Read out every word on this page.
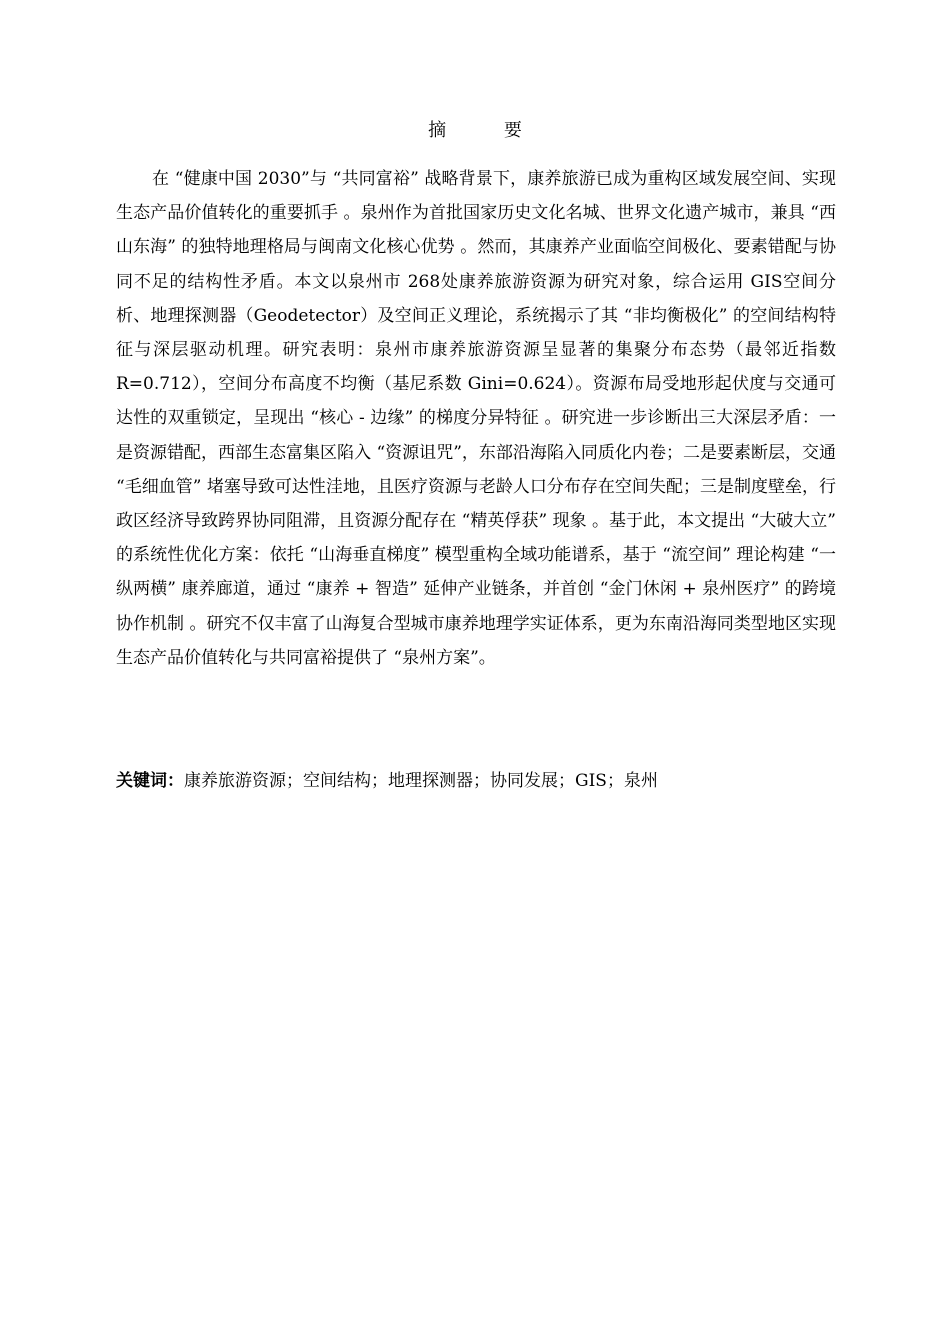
摘 要

在 “健康中国 2030”与 “共同富裕” 战略背景下，康养旅游已成为重构区域发展空间、实现生态产品价值转化的重要抓手 。泉州作为首批国家历史文化名城、世界文化遗产城市，兼具 “西山东海” 的独特地理格局与闽南文化核心优势 。然而，其康养产业面临空间极化、要素错配与协同不足的结构性矛盾。本文以泉州市 268处康养旅游资源为研究对象，综合运用 GIS空间分析、地理探测器（Geodetector）及空间正义理论，系统揭示了其 “非均衡极化” 的空间结构特征与深层驱动机理。研究表明：泉州市康养旅游资源呈显著的集聚分布态势（最邻近指数 R=0.712），空间分布高度不均衡（基尼系数 Gini=0.624）。资源布局受地形起伏度与交通可达性的双重锁定，呈现出 “核心 - 边缘” 的梯度分异特征 。研究进一步诊断出三大深层矛盾：一是资源错配，西部生态富集区陷入 “资源诅咒”，东部沿海陷入同质化内卷；二是要素断层，交通 “毛细血管” 堵塞导致可达性洼地，且医疗资源与老龄人口分布存在空间失配；三是制度壁垒，行政区经济导致跨界协同阻滞，且资源分配存在 “精英俘获” 现象 。基于此，本文提出 “大破大立” 的系统性优化方案：依托 “山海垂直梯度” 模型重构全域功能谱系，基于 “流空间” 理论构建 “一纵两横” 康养廊道，通过 “康养 + 智造” 延伸产业链条，并首创 “金门休闲 + 泉州医疗” 的跨境协作机制 。研究不仅丰富了山海复合型城市康养地理学实证体系，更为东南沿海同类型地区实现生态产品价值转化与共同富裕提供了 “泉州方案”。

关键词：康养旅游资源；空间结构；地理探测器；协同发展；GIS；泉州
